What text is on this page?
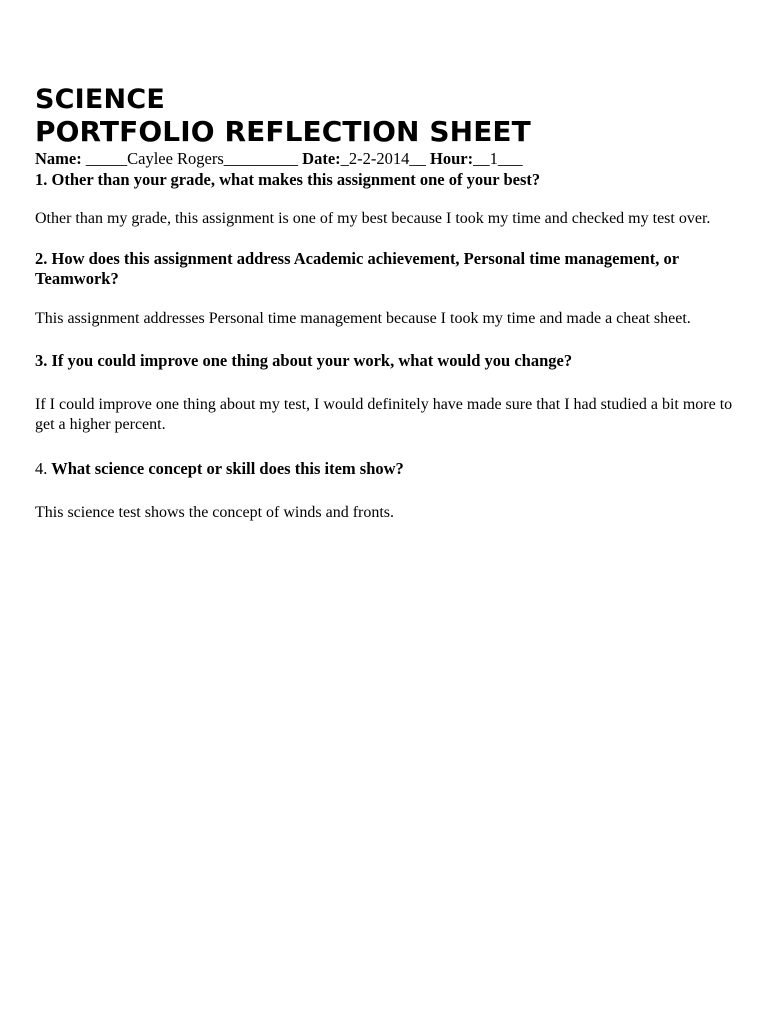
SCIENCE
PORTFOLIO REFLECTION SHEET
Name: _____Caylee Rogers_________ Date:_2-2-2014__ Hour:__1___

1. Other than your grade, what makes this assignment one of your best?

Other than my grade, this assignment is one of my best because I took my time and checked my test over.

2. How does this assignment address Academic achievement, Personal time management, or Teamwork?

This assignment addresses Personal time management because I took my time and made a cheat sheet.

3. If you could improve one thing about your work, what would you change?

If I could improve one thing about my test, I would definitely have made sure that I had studied a bit more to get a higher percent.

4. What science concept or skill does this item show?

This science test shows the concept of winds and fronts.
